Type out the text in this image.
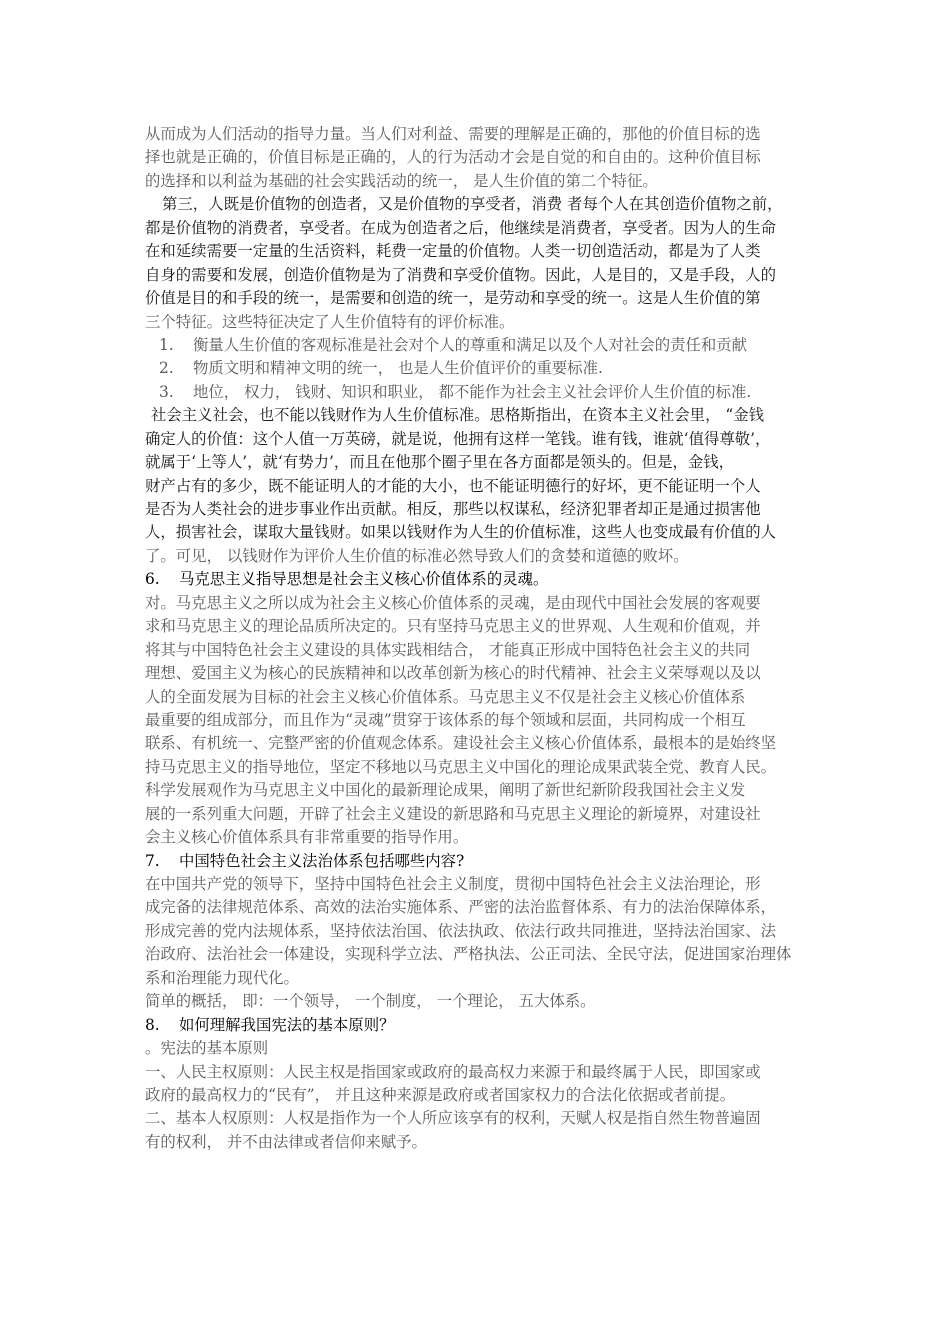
从而成为人们活动的指导力量。当人们对利益、需要的理解是正确的，那他的价值目标的选
择也就是正确的，价值目标是正确的，人的行为活动才会是自觉的和自由的。这种价值目标
的选择和以利益为基础的社会实践活动的统一， 是人生价值的第二个特征。
第三，人既是价值物的创造者，又是价值物的享受者，消费 者每个人在其创造价值物之前，
都是价值物的消费者，享受者。在成为创造者之后，他继续是消费者，享受者。因为人的生命
在和延续需要一定量的生活资料，耗费一定量的价值物。人类一切创造活动，都是为了人类
自身的需要和发展，创造价值物是为了消费和享受价值物。因此，人是目的，又是手段，人的
价值是目的和手段的统一，是需要和创造的统一，是劳动和享受的统一。这是人生价值的第
三个特征。这些特征决定了人生价值特有的评价标准。
1. 衡量人生价值的客观标准是社会对个人的尊重和满足以及个人对社会的责任和贡献
2. 物质文明和精神文明的统一， 也是人生价值评价的重要标准.
3. 地位， 权力， 钱财、知识和职业， 都不能作为社会主义社会评价人生价值的标准.
社会主义社会，也不能以钱财作为人生价值标准。思格斯指出，在资本主义社会里， “金钱
确定人的价值：这个人值一万英磅，就是说，他拥有这样一笔钱。谁有钱，谁就‘值得尊敬’，
就属于‘上等人’，就‘有势力’，而且在他那个圈子里在各方面都是领头的。但是，金钱，
财产占有的多少，既不能证明人的才能的大小，也不能证明德行的好坏，更不能证明一个人
是否为人类社会的进步事业作出贡献。相反，那些以权谋私，经济犯罪者却正是通过损害他
人，损害社会，谋取大量钱财。如果以钱财作为人生的价值标准，这些人也变成最有价值的人
了。可见， 以钱财作为评价人生价值的标准必然导致人们的贪婪和道德的败坏。
6. 马克思主义指导思想是社会主义核心价值体系的灵魂。
对。马克思主义之所以成为社会主义核心价值体系的灵魂，是由现代中国社会发展的客观要
求和马克思主义的理论品质所决定的。只有坚持马克思主义的世界观、人生观和价值观，并
将其与中国特色社会主义建设的具体实践相结合， 才能真正形成中国特色社会主义的共同
理想、爱国主义为核心的民族精神和以改革创新为核心的时代精神、社会主义荣辱观以及以
人的全面发展为目标的社会主义核心价值体系。马克思主义不仅是社会主义核心价值体系
最重要的组成部分，而且作为“灵魂”贯穿于该体系的每个领域和层面，共同构成一个相互
联系、有机统一、完整严密的价值观念体系。建设社会主义核心价值体系，最根本的是始终坚
持马克思主义的指导地位，坚定不移地以马克思主义中国化的理论成果武装全党、教育人民。
科学发展观作为马克思主义中国化的最新理论成果，阐明了新世纪新阶段我国社会主义发
展的一系列重大问题，开辟了社会主义建设的新思路和马克思主义理论的新境界，对建设社
会主义核心价值体系具有非常重要的指导作用。
7. 中国特色社会主义法治体系包括哪些内容?
在中国共产党的领导下，坚持中国特色社会主义制度，贯彻中国特色社会主义法治理论，形
成完备的法律规范体系、高效的法治实施体系、严密的法治监督体系、有力的法治保障体系，
形成完善的党内法规体系，坚持依法治国、依法执政、依法行政共同推进，坚持法治国家、法
治政府、法治社会一体建设，实现科学立法、严格执法、公正司法、全民守法，促进国家治理体
系和治理能力现代化。
简单的概括， 即：一个领导， 一个制度， 一个理论， 五大体系。
8. 如何理解我国宪法的基本原则？
。宪法的基本原则
一、人民主权原则：人民主权是指国家或政府的最高权力来源于和最终属于人民，即国家或
政府的最高权力的“民有”， 并且这种来源是政府或者国家权力的合法化依据或者前提。
二、基本人权原则：人权是指作为一个人所应该享有的权利，天赋人权是指自然生物普遍固
有的权利， 并不由法律或者信仰来赋予。
